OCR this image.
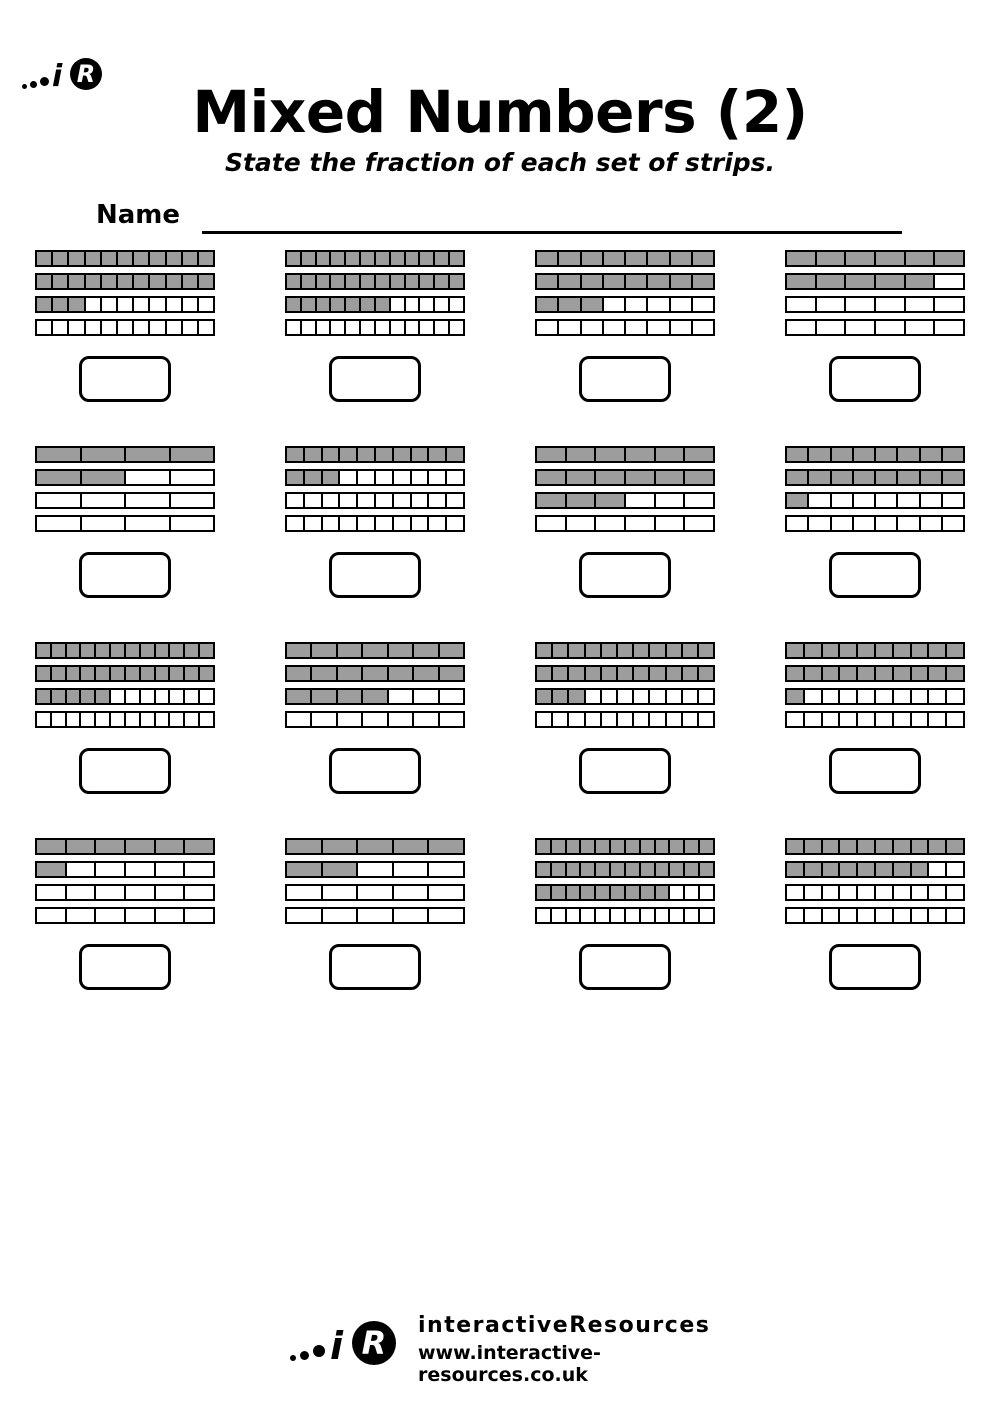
i R
Mixed Numbers (2)
State the fraction of each set of strips.
Name
i R	interactiveResources
www.interactive-resources.co.uk
